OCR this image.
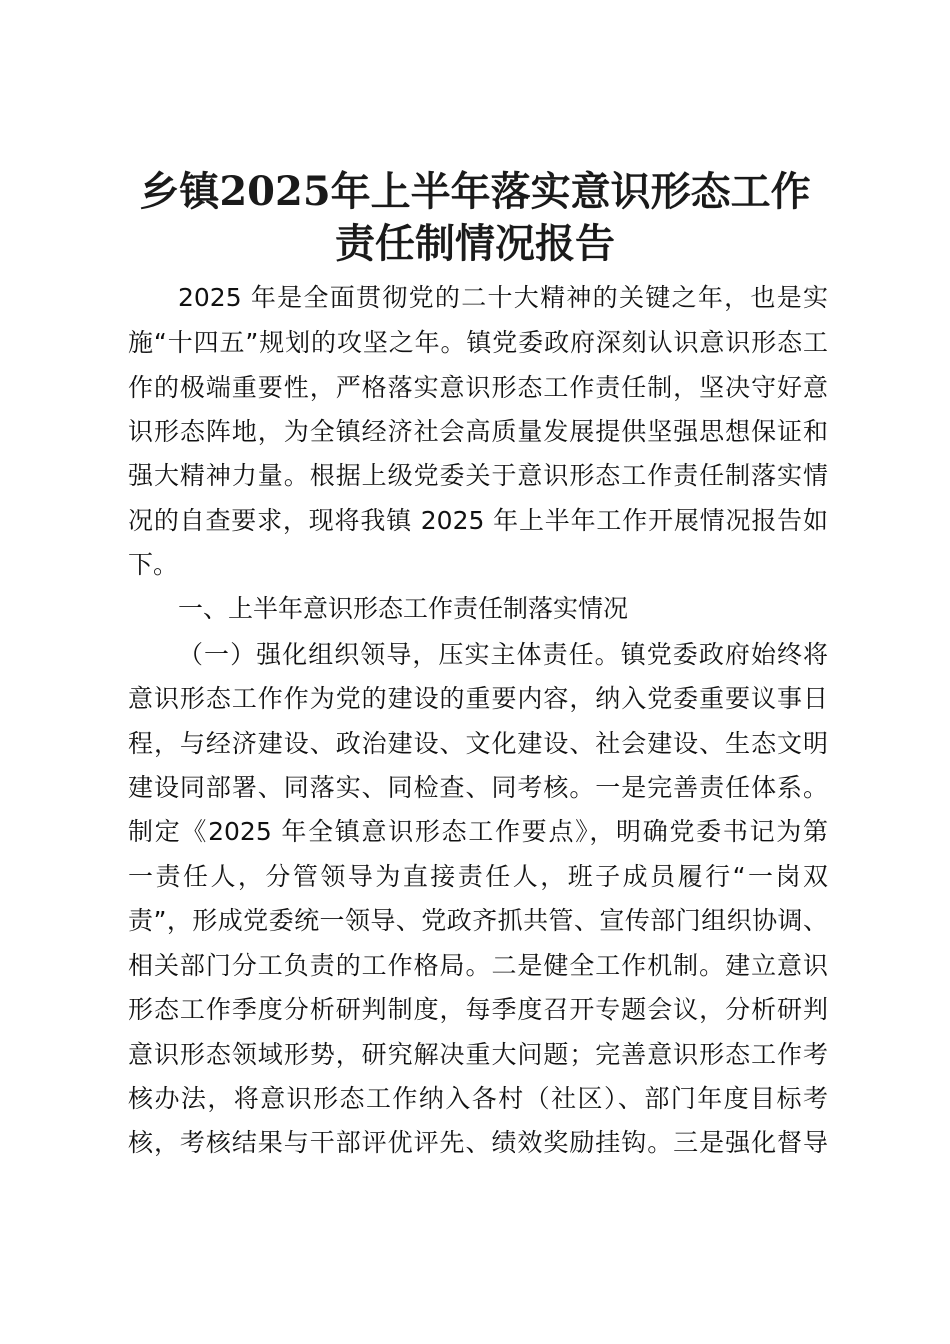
乡镇2025年上半年落实意识形态工作
责任制情况报告
2025 年是全面贯彻党的二十大精神的关键之年，也是实
施“十四五”规划的攻坚之年。镇党委政府深刻认识意识形态工
作的极端重要性，严格落实意识形态工作责任制，坚决守好意
识形态阵地，为全镇经济社会高质量发展提供坚强思想保证和
强大精神力量。根据上级党委关于意识形态工作责任制落实情
况的自查要求，现将我镇 2025 年上半年工作开展情况报告如
下。
一、上半年意识形态工作责任制落实情况
（一）强化组织领导，压实主体责任。镇党委政府始终将
意识形态工作作为党的建设的重要内容，纳入党委重要议事日
程，与经济建设、政治建设、文化建设、社会建设、生态文明
建设同部署、同落实、同检查、同考核。一是完善责任体系。
制定《2025 年全镇意识形态工作要点》，明确党委书记为第
一责任人，分管领导为直接责任人，班子成员履行“一岗双
责”，形成党委统一领导、党政齐抓共管、宣传部门组织协调、
相关部门分工负责的工作格局。二是健全工作机制。建立意识
形态工作季度分析研判制度，每季度召开专题会议，分析研判
意识形态领域形势，研究解决重大问题；完善意识形态工作考
核办法，将意识形态工作纳入各村（社区）、部门年度目标考
核，考核结果与干部评优评先、绩效奖励挂钩。三是强化督导
